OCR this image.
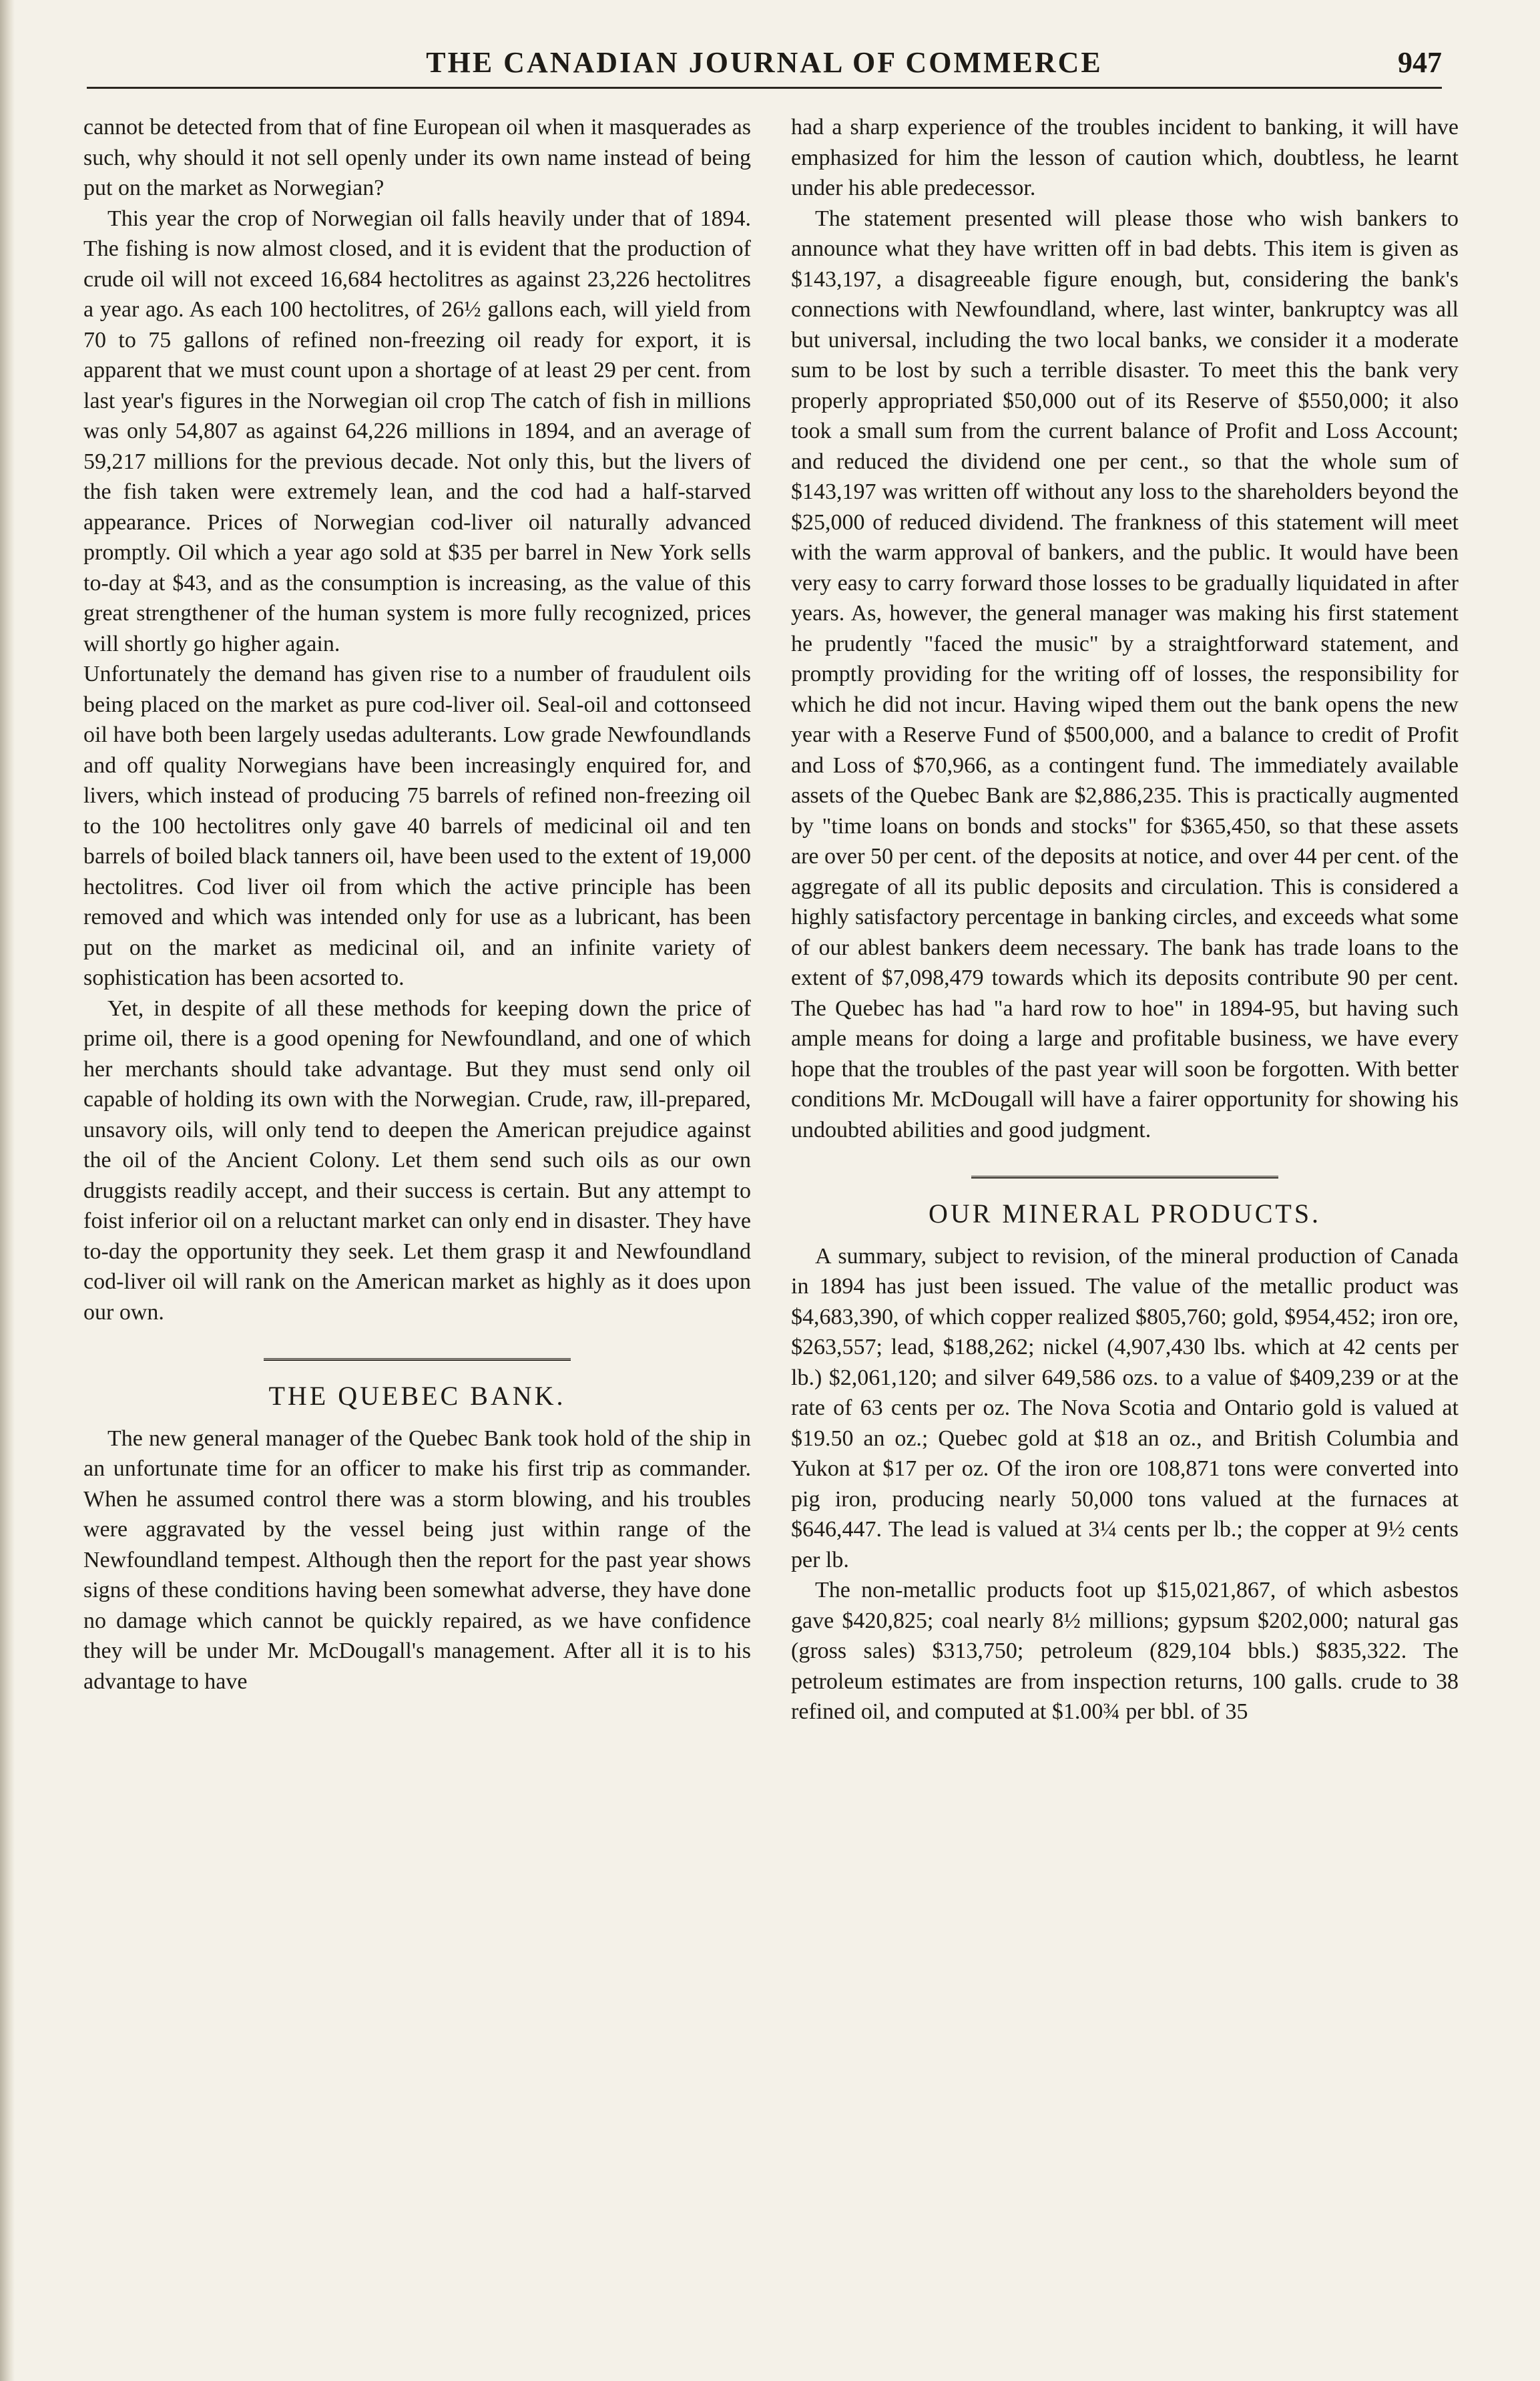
THE CANADIAN JOURNAL OF COMMERCE	947

cannot be detected from that of fine European oil when it masquerades as such, why should it not sell openly under its own name instead of being put on the market as Norwegian?

This year the crop of Norwegian oil falls heavily under that of 1894. The fishing is now almost closed, and it is evident that the production of crude oil will not exceed 16,684 hectolitres as against 23,226 hectolitres a year ago. As each 100 hectolitres, of 26½ gallons each, will yield from 70 to 75 gallons of refined non-freezing oil ready for export, it is apparent that we must count upon a shortage of at least 29 per cent. from last year's figures in the Norwegian oil crop The catch of fish in millions was only 54,807 as against 64,226 millions in 1894, and an average of 59,217 millions for the previous decade. Not only this, but the livers of the fish taken were extremely lean, and the cod had a half-starved appearance. Prices of Norwegian cod-liver oil naturally advanced promptly. Oil which a year ago sold at $35 per barrel in New York sells to-day at $43, and as the consumption is increasing, as the value of this great strengthener of the human system is more fully recognized, prices will shortly go higher again.

Unfortunately the demand has given rise to a number of fraudulent oils being placed on the market as pure cod-liver oil. Seal-oil and cottonseed oil have both been largely usedas adulterants. Low grade Newfoundlands and off quality Norwegians have been increasingly enquired for, and livers, which instead of producing 75 barrels of refined non-freezing oil to the 100 hectolitres only gave 40 barrels of medicinal oil and ten barrels of boiled black tanners oil, have been used to the extent of 19,000 hectolitres. Cod liver oil from which the active principle has been removed and which was intended only for use as a lubricant, has been put on the market as medicinal oil, and an infinite variety of sophistication has been acsorted to.

Yet, in despite of all these methods for keeping down the price of prime oil, there is a good opening for Newfoundland, and one of which her merchants should take advantage. But they must send only oil capable of holding its own with the Norwegian. Crude, raw, ill-prepared, unsavory oils, will only tend to deepen the American prejudice against the oil of the Ancient Colony. Let them send such oils as our own druggists readily accept, and their success is certain. But any attempt to foist inferior oil on a reluctant market can only end in disaster. They have to-day the opportunity they seek. Let them grasp it and Newfoundland cod-liver oil will rank on the American market as highly as it does upon our own.

THE QUEBEC BANK.

The new general manager of the Quebec Bank took hold of the ship in an unfortunate time for an officer to make his first trip as commander. When he assumed control there was a storm blowing, and his troubles were aggravated by the vessel being just within range of the Newfoundland tempest. Although then the report for the past year shows signs of these conditions having been somewhat adverse, they have done no damage which cannot be quickly repaired, as we have confidence they will be under Mr. McDougall's management. After all it is to his advantage to have

had a sharp experience of the troubles incident to banking, it will have emphasized for him the lesson of caution which, doubtless, he learnt under his able predecessor.

The statement presented will please those who wish bankers to announce what they have written off in bad debts. This item is given as $143,197, a disagreeable figure enough, but, considering the bank's connections with Newfoundland, where, last winter, bankruptcy was all but universal, including the two local banks, we consider it a moderate sum to be lost by such a terrible disaster. To meet this the bank very properly appropriated $50,000 out of its Reserve of $550,000; it also took a small sum from the current balance of Profit and Loss Account; and reduced the dividend one per cent., so that the whole sum of $143,197 was written off without any loss to the shareholders beyond the $25,000 of reduced dividend. The frankness of this statement will meet with the warm approval of bankers, and the public. It would have been very easy to carry forward those losses to be gradually liquidated in after years. As, however, the general manager was making his first statement he prudently "faced the music" by a straightforward statement, and promptly providing for the writing off of losses, the responsibility for which he did not incur. Having wiped them out the bank opens the new year with a Reserve Fund of $500,000, and a balance to credit of Profit and Loss of $70,966, as a contingent fund. The immediately available assets of the Quebec Bank are $2,886,235. This is practically augmented by "time loans on bonds and stocks" for $365,450, so that these assets are over 50 per cent. of the deposits at notice, and over 44 per cent. of the aggregate of all its public deposits and circulation. This is considered a highly satisfactory percentage in banking circles, and exceeds what some of our ablest bankers deem necessary. The bank has trade loans to the extent of $7,098,479 towards which its deposits contribute 90 per cent. The Quebec has had "a hard row to hoe" in 1894-95, but having such ample means for doing a large and profitable business, we have every hope that the troubles of the past year will soon be forgotten. With better conditions Mr. McDougall will have a fairer opportunity for showing his undoubted abilities and good judgment.

OUR MINERAL PRODUCTS.

A summary, subject to revision, of the mineral production of Canada in 1894 has just been issued. The value of the metallic product was $4,683,390, of which copper realized $805,760; gold, $954,452; iron ore, $263,557; lead, $188,262; nickel (4,907,430 lbs. which at 42 cents per lb.) $2,061,120; and silver 649,586 ozs. to a value of $409,239 or at the rate of 63 cents per oz. The Nova Scotia and Ontario gold is valued at $19.50 an oz.; Quebec gold at $18 an oz., and British Columbia and Yukon at $17 per oz. Of the iron ore 108,871 tons were converted into pig iron, producing nearly 50,000 tons valued at the furnaces at $646,447. The lead is valued at 3¼ cents per lb.; the copper at 9½ cents per lb.

The non-metallic products foot up $15,021,867, of which asbestos gave $420,825; coal nearly 8½ millions; gypsum $202,000; natural gas (gross sales) $313,750; petroleum (829,104 bbls.) $835,322. The petroleum estimates are from inspection returns, 100 galls. crude to 38 refined oil, and computed at $1.00¾ per bbl. of 35
